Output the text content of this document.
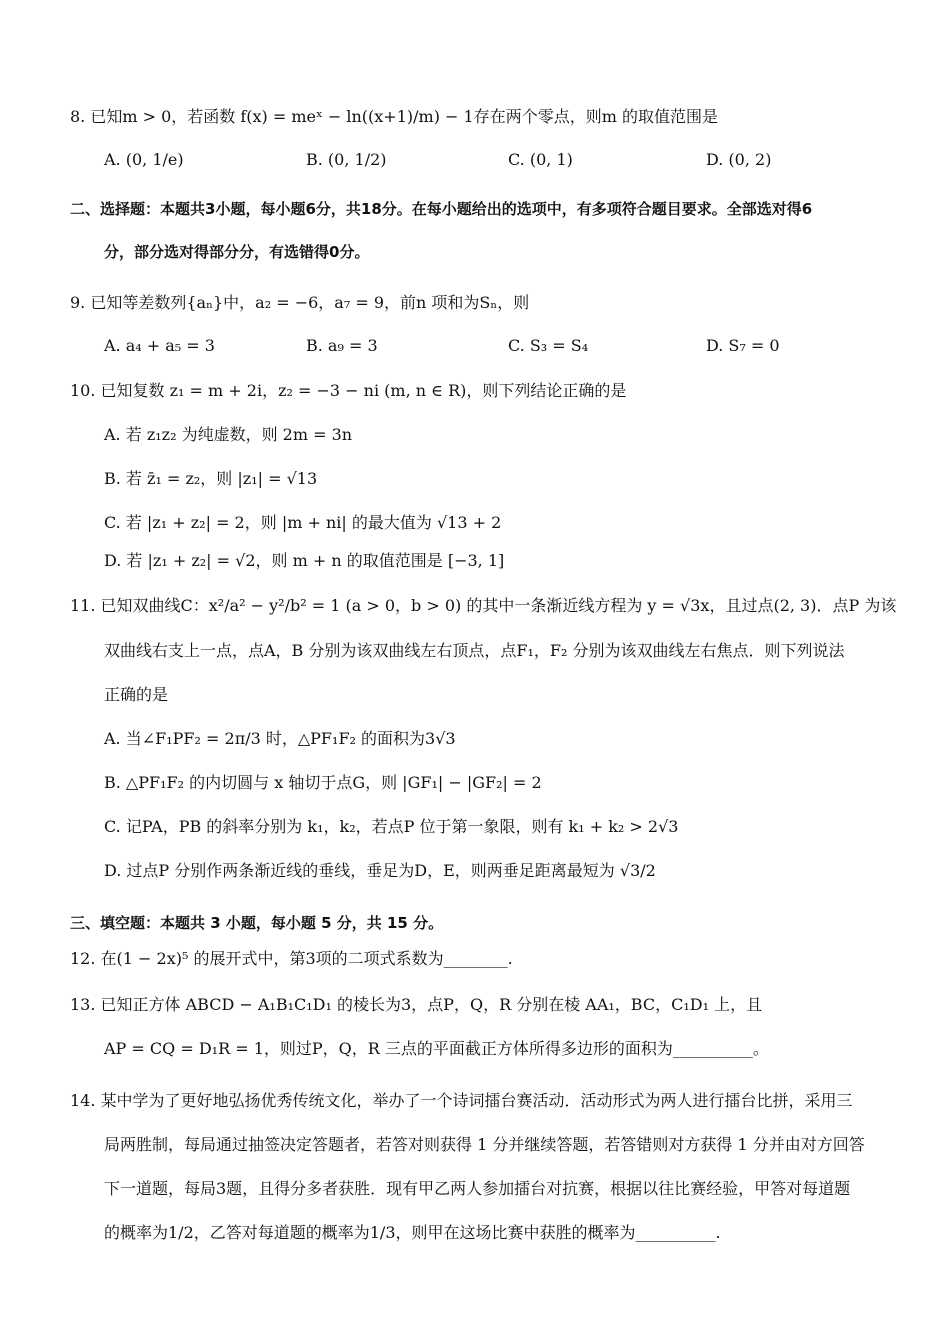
8. 已知m > 0，若函数 f(x) = meˣ − ln((x+1)/m) − 1存在两个零点，则m 的取值范围是
A. (0, 1/e)	B. (0, 1/2)	C. (0, 1)	D. (0, 2)
二、选择题：本题共3小题，每小题6分，共18分。在每小题给出的选项中，有多项符合题目要求。全部选对得6
分，部分选对得部分分，有选错得0分。
9. 已知等差数列{aₙ}中，a₂ = −6，a₇ = 9，前n 项和为Sₙ，则
A. a₄ + a₅ = 3	B. a₉ = 3	C. S₃ = S₄	D. S₇ = 0
10. 已知复数 z₁ = m + 2i，z₂ = −3 − ni (m, n ∈ R)，则下列结论正确的是
A. 若 z₁z₂ 为纯虚数，则 2m = 3n
B. 若 z̄₁ = z₂，则 |z₁| = √13
C. 若 |z₁ + z₂| = 2，则 |m + ni| 的最大值为 √13 + 2
D. 若 |z₁ + z₂| = √2，则 m + n 的取值范围是 [−3, 1]
11. 已知双曲线C：x²/a² − y²/b² = 1 (a > 0，b > 0) 的其中一条渐近线方程为 y = √3x，且过点(2, 3)．点P 为该
双曲线右支上一点，点A，B 分别为该双曲线左右顶点，点F₁，F₂ 分别为该双曲线左右焦点．则下列说法
正确的是
A. 当∠F₁PF₂ = 2π/3 时，△PF₁F₂ 的面积为3√3
B. △PF₁F₂ 的内切圆与 x 轴切于点G，则 |GF₁| − |GF₂| = 2
C. 记PA，PB 的斜率分别为 k₁，k₂，若点P 位于第一象限，则有 k₁ + k₂ > 2√3
D. 过点P 分别作两条渐近线的垂线，垂足为D，E，则两垂足距离最短为 √3/2
三、填空题：本题共 3 小题，每小题 5 分，共 15 分。
12. 在(1 − 2x)⁵ 的展开式中，第3项的二项式系数为________.
13. 已知正方体 ABCD − A₁B₁C₁D₁ 的棱长为3，点P，Q，R 分别在棱 AA₁，BC，C₁D₁ 上，且
AP = CQ = D₁R = 1，则过P，Q，R 三点的平面截正方体所得多边形的面积为__________。
14. 某中学为了更好地弘扬优秀传统文化，举办了一个诗词擂台赛活动．活动形式为两人进行擂台比拼，采用三
局两胜制，每局通过抽签决定答题者，若答对则获得 1 分并继续答题，若答错则对方获得 1 分并由对方回答
下一道题，每局3题，且得分多者获胜．现有甲乙两人参加擂台对抗赛，根据以往比赛经验，甲答对每道题
的概率为1/2，乙答对每道题的概率为1/3，则甲在这场比赛中获胜的概率为__________.
